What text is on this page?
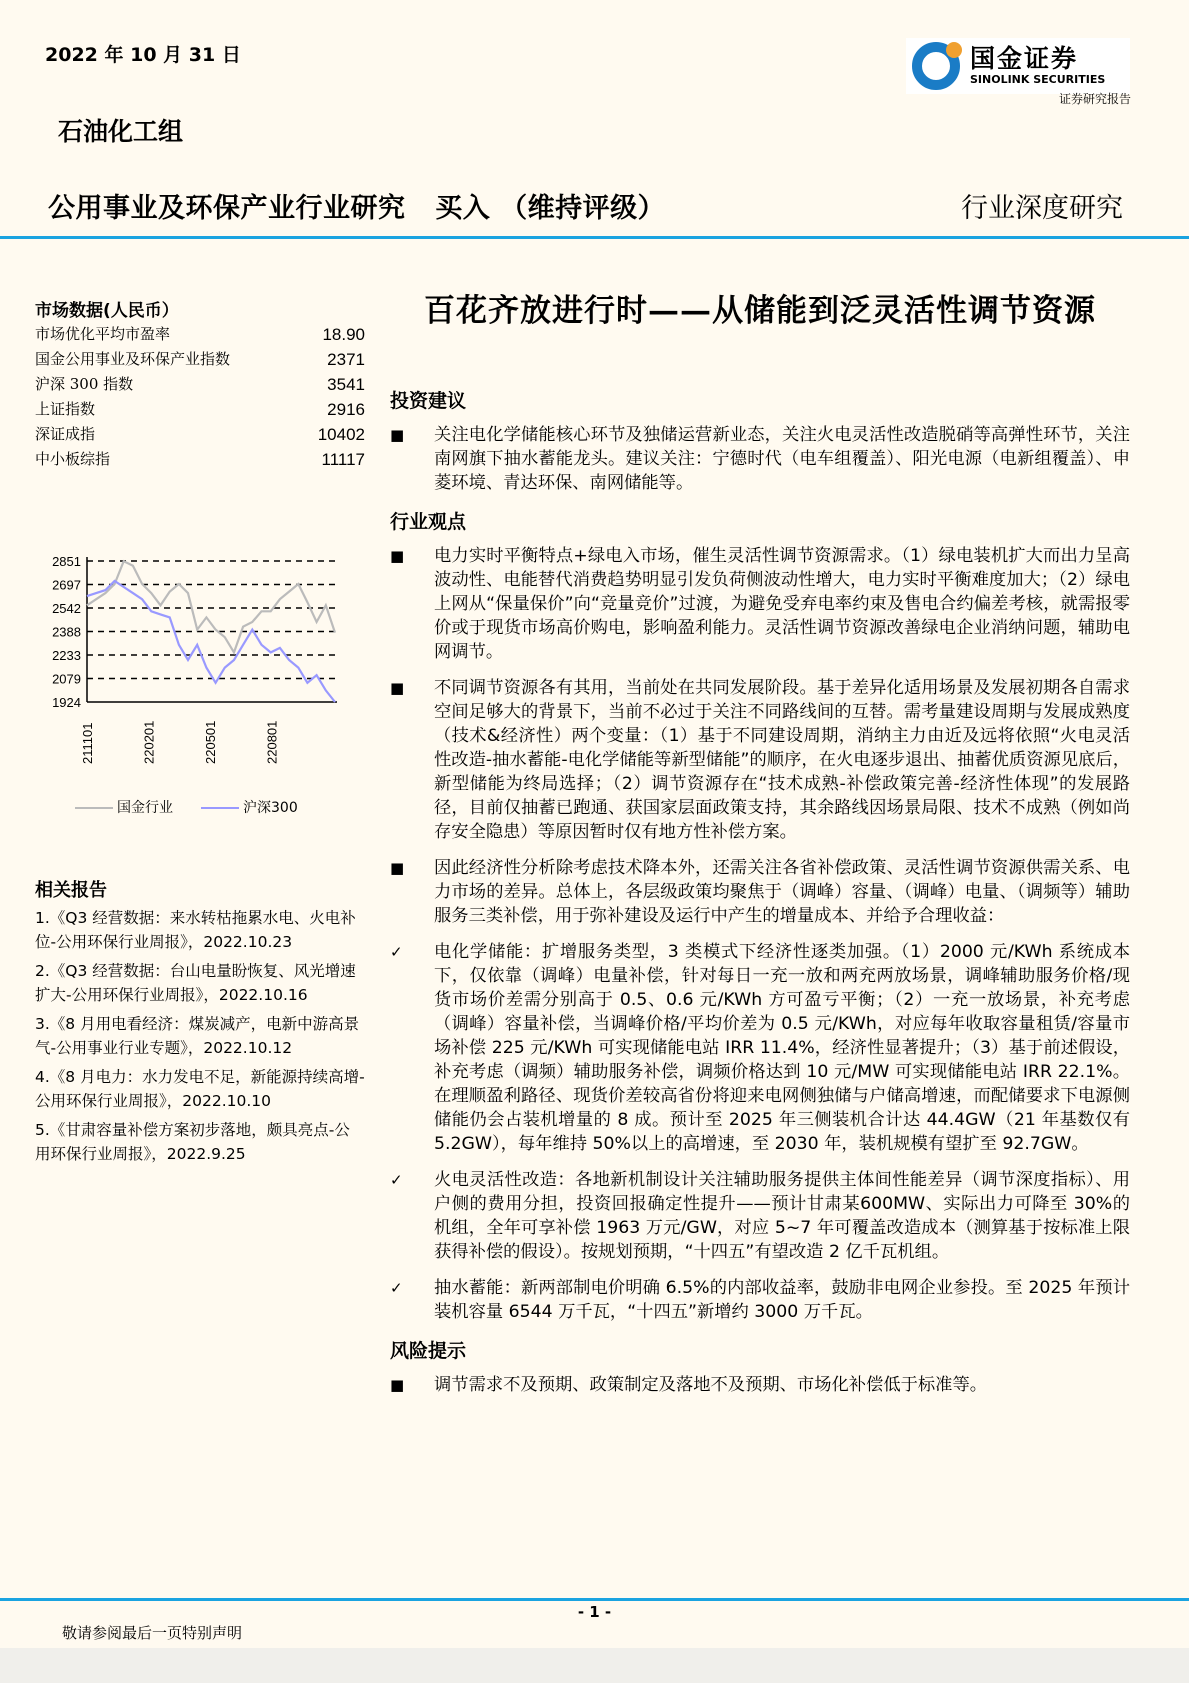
2022 年 10 月 31 日
石油化工组
公用事业及环保产业行业研究   买入 （维持评级）	行业深度研究
国金证券
SINOLINK SECURITIES
证券研究报告
市场数据(人民币）
市场优化平均市盈率	18.90
国金公用事业及环保产业指数	2371
沪深 300 指数	3541
上证指数	2916
深证成指	10402
中小板综指	11117
2851
2697
2542
2388
2233
2079
1924
211101	220201	220501	220801
国金行业	沪深300
相关报告

1.《Q3 经营数据：来水转枯拖累水电、火电补位-公用环保行业周报》，2022.10.23

2.《Q3 经营数据：台山电量盼恢复、风光增速扩大-公用环保行业周报》，2022.10.16

3.《8 月用电看经济：煤炭减产，电新中游高景气-公用事业行业专题》，2022.10.12

4.《8 月电力：水力发电不足，新能源持续高增-公用环保行业周报》，2022.10.10

5.《甘肃容量补偿方案初步落地，颇具亮点-公用环保行业周报》，2022.9.25

百花齐放进行时——从储能到泛灵活性调节资源
投资建议
■ 关注电化学储能核心环节及独储运营新业态，关注火电灵活性改造脱硝等高弹性环节，关注南网旗下抽水蓄能龙头。建议关注：宁德时代（电车组覆盖）、阳光电源（电新组覆盖）、申菱环境、青达环保、南网储能等。
行业观点
■ 电力实时平衡特点+绿电入市场，催生灵活性调节资源需求。（1）绿电装机扩大而出力呈高波动性、电能替代消费趋势明显引发负荷侧波动性增大，电力实时平衡难度加大；（2）绿电上网从“保量保价”向“竞量竞价”过渡，为避免受弃电率约束及售电合约偏差考核，就需报零价或于现货市场高价购电，影响盈利能力。灵活性调节资源改善绿电企业消纳问题，辅助电网调节。
■ 不同调节资源各有其用，当前处在共同发展阶段。基于差异化适用场景及发展初期各自需求空间足够大的背景下，当前不必过于关注不同路线间的互替。需考量建设周期与发展成熟度（技术&经济性）两个变量：（1）基于不同建设周期，消纳主力由近及远将依照“火电灵活性改造-抽水蓄能-电化学储能等新型储能”的顺序，在火电逐步退出、抽蓄优质资源见底后，新型储能为终局选择；（2）调节资源存在“技术成熟-补偿政策完善-经济性体现”的发展路径，目前仅抽蓄已跑通、获国家层面政策支持，其余路线因场景局限、技术不成熟（例如尚存安全隐患）等原因暂时仅有地方性补偿方案。
■ 因此经济性分析除考虑技术降本外，还需关注各省补偿政策、灵活性调节资源供需关系、电力市场的差异。总体上，各层级政策均聚焦于（调峰）容量、（调峰）电量、（调频等）辅助服务三类补偿，用于弥补建设及运行中产生的增量成本、并给予合理收益：
✓ 电化学储能：扩增服务类型，3 类模式下经济性逐类加强。（1）2000 元/KWh 系统成本下，仅依靠（调峰）电量补偿，针对每日一充一放和两充两放场景，调峰辅助服务价格/现货市场价差需分别高于 0.5、0.6 元/KWh 方可盈亏平衡；（2）一充一放场景，补充考虑（调峰）容量补偿，当调峰价格/平均价差为 0.5 元/KWh，对应每年收取容量租赁/容量市场补偿 225 元/KWh 可实现储能电站 IRR 11.4%，经济性显著提升；（3）基于前述假设，补充考虑（调频）辅助服务补偿，调频价格达到 10 元/MW 可实现储能电站 IRR 22.1%。在理顺盈利路径、现货价差较高省份将迎来电网侧独储与户储高增速，而配储要求下电源侧储能仍会占装机增量的 8 成。预计至 2025 年三侧装机合计达 44.4GW（21 年基数仅有 5.2GW），每年维持 50%以上的高增速，至 2030 年，装机规模有望扩至 92.7GW。
✓ 火电灵活性改造：各地新机制设计关注辅助服务提供主体间性能差异（调节深度指标）、用户侧的费用分担，投资回报确定性提升——预计甘肃某600MW、实际出力可降至 30%的机组，全年可享补偿 1963 万元/GW，对应 5~7 年可覆盖改造成本（测算基于按标准上限获得补偿的假设）。按规划预期，“十四五”有望改造 2 亿千瓦机组。
✓ 抽水蓄能：新两部制电价明确 6.5%的内部收益率，鼓励非电网企业参投。至 2025 年预计装机容量 6544 万千瓦，“十四五”新增约 3000 万千瓦。
风险提示
■ 调节需求不及预期、政策制定及落地不及预期、市场化补偿低于标准等。
- 1 -
敬请参阅最后一页特别声明
